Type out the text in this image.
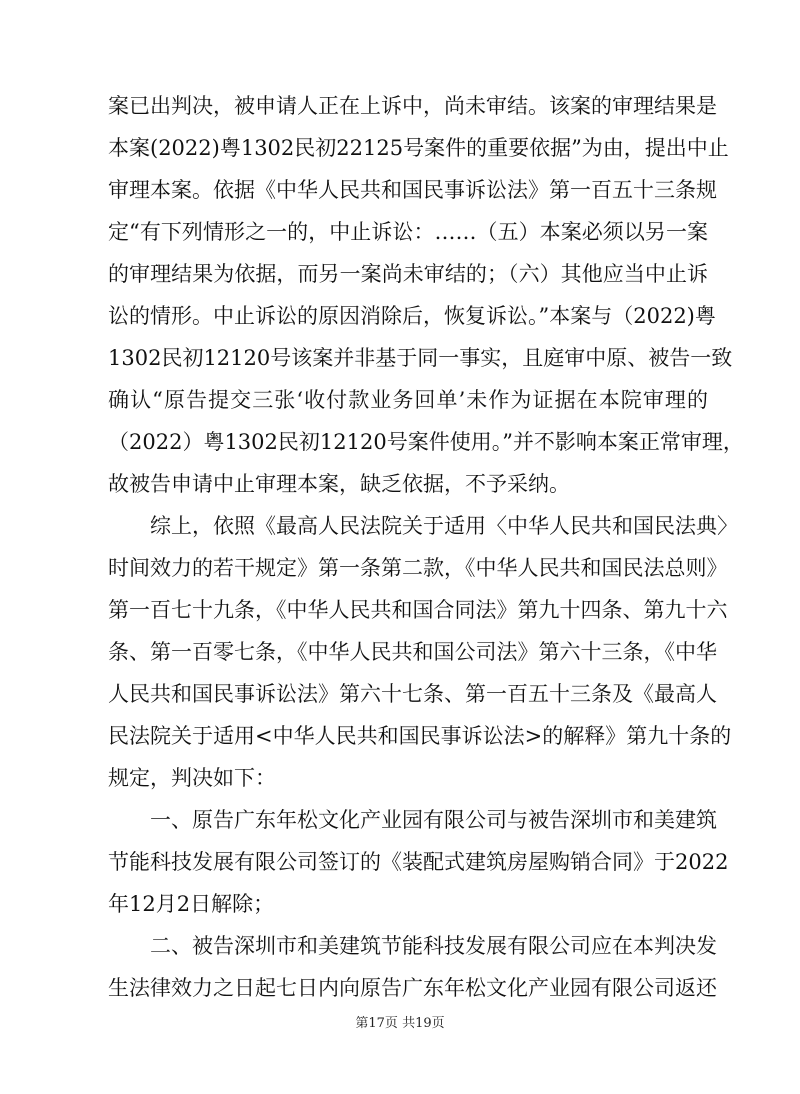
案已出判决，被申请人正在上诉中，尚未审结。该案的审理结果是
本案(2022)粤1302民初22125号案件的重要依据”为由，提出中止
审理本案。依据《中华人民共和国民事诉讼法》第一百五十三条规
定“有下列情形之一的，中止诉讼：……（五）本案必须以另一案
的审理结果为依据，而另一案尚未审结的；（六）其他应当中止诉
讼的情形。中止诉讼的原因消除后，恢复诉讼。”本案与（2022)粤
1302民初12120号该案并非基于同一事实，且庭审中原、被告一致
确认“原告提交三张‘收付款业务回单’未作为证据在本院审理的
（2022）粤1302民初12120号案件使用。”并不影响本案正常审理，
故被告申请中止审理本案，缺乏依据，不予采纳。
综上，依照《最高人民法院关于适用〈中华人民共和国民法典〉
时间效力的若干规定》第一条第二款，《中华人民共和国民法总则》
第一百七十九条，《中华人民共和国合同法》第九十四条、第九十六
条、第一百零七条，《中华人民共和国公司法》第六十三条，《中华
人民共和国民事诉讼法》第六十七条、第一百五十三条及《最高人
民法院关于适用<中华人民共和国民事诉讼法>的解释》第九十条的
规定，判决如下：
一、原告广东年松文化产业园有限公司与被告深圳市和美建筑
节能科技发展有限公司签订的《装配式建筑房屋购销合同》于2022
年12月2日解除；
二、被告深圳市和美建筑节能科技发展有限公司应在本判决发
生法律效力之日起七日内向原告广东年松文化产业园有限公司返还
第17页 共19页
